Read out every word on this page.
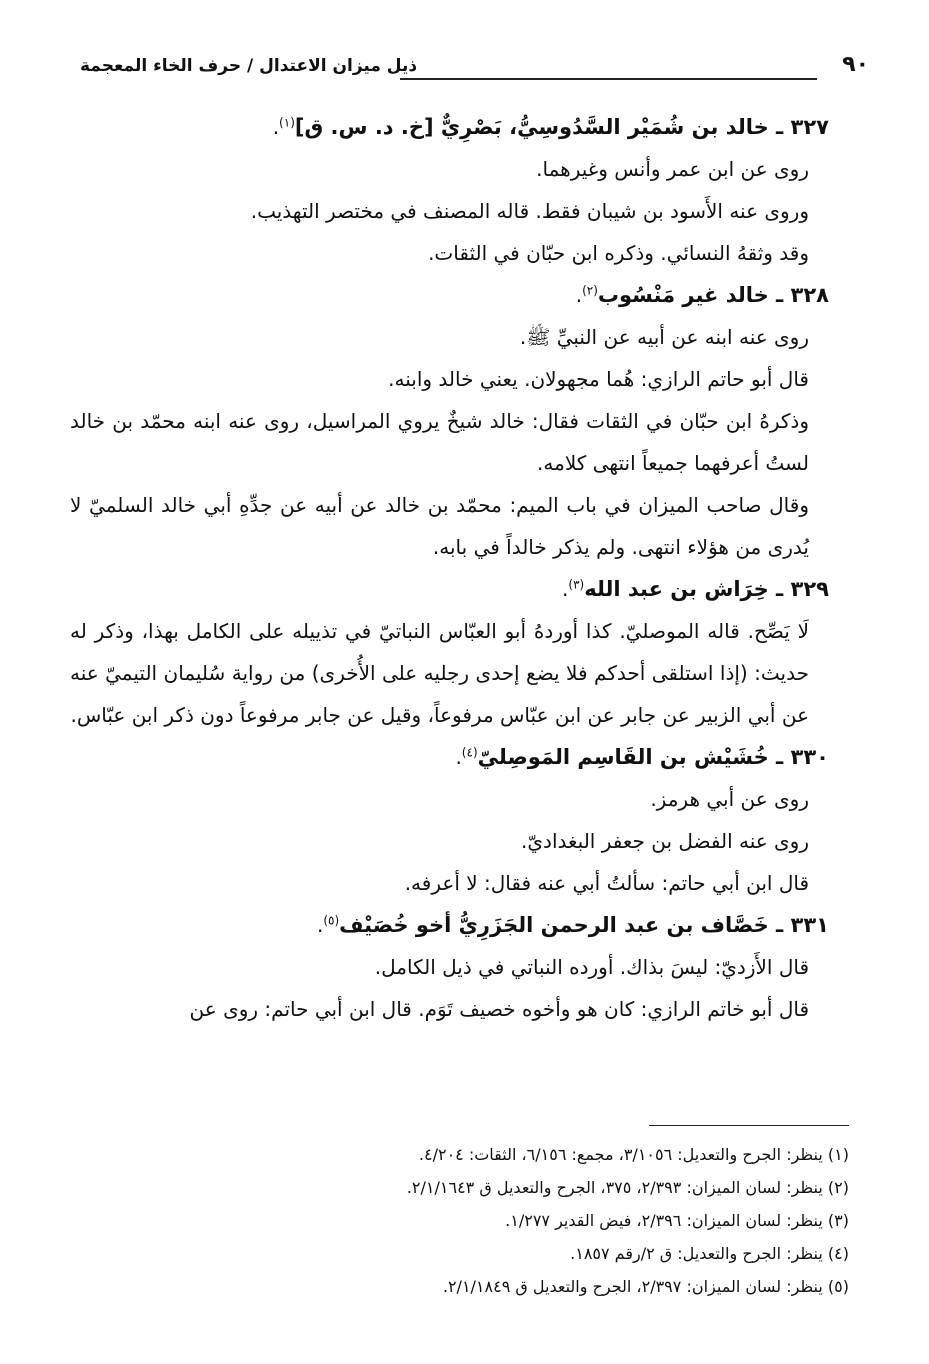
٩٠
ذيل ميزان الاعتدال / حرف الخاء المعجمة
٣٢٧ ـ خالد بن شُمَيْر السَّدُوسِيُّ، بَصْرِيٌّ [خ. د. س. ق]$^{(١)}$.
روى عن ابن عمر وأنس وغيرهما.
وروى عنه الأَسود بن شيبان فقط. قاله المصنف في مختصر التهذيب.
وقد وثقهُ النسائي. وذكره ابن حبّان في الثقات.
٣٢٨ ـ خالد غير مَنْسُوب$^{(٢)}$.
روى عنه ابنه عن أبيه عن النبيِّ ﷺ.
قال أبو حاتم الرازي: هُما مجهولان. يعني خالد وابنه.
وذكرهُ ابن حبّان في الثقات فقال: خالد شيخٌ يروي المراسيل، روى عنه ابنه محمّد بن خالد لستُ أعرفهما جميعاً انتهى كلامه.
وقال صاحب الميزان في باب الميم: محمّد بن خالد عن أبيه عن جدِّهِ أبي خالد السلميّ لا يُدرى من هؤلاء انتهى. ولم يذكر خالداً في بابه.
٣٢٩ ـ خِرَاش بن عبد الله$^{(٣)}$.
لَا يَصِّح. قاله الموصليّ. كذا أوردهُ أبو العبّاس النباتيّ في تذييله على الكامل بهذا، وذكر له حديث: (إذا استلقى أحدكم فلا يضع إحدى رجليه على الأُخرى) من رواية سُليمان التيميّ عنه عن أبي الزبير عن جابر عن ابن عبّاس مرفوعاً، وقيل عن جابر مرفوعاً دون ذكر ابن عبّاس.
٣٣٠ ـ خُشَيْش بن القَاسِم المَوصِليّ$^{(٤)}$.
روى عن أبي هرمز.
روى عنه الفضل بن جعفر البغداديّ.
قال ابن أبي حاتم: سألتُ أبي عنه فقال: لا أعرفه.
٣٣١ ـ خَصَّاف بن عبد الرحمن الجَزَرِيُّ أخو خُصَيْف$^{(٥)}$.
قال الأَزديّ: ليسَ بذاك. أورده النباتي في ذيل الكامل.
قال أبو خاتم الرازي: كان هو وأخوه خصيف تَوَم. قال ابن أبي حاتم: روى عن
(١) ينظر: الجرح والتعديل: ٣/١٠٥٦، مجمع: ٦/١٥٦، الثقات: ٤/٢٠٤.
(٢) ينظر: لسان الميزان: ٢/٣٩٣، ٣٧٥، الجرح والتعديل ق ٢/١/١٦٤٣.
(٣) ينظر: لسان الميزان: ٢/٣٩٦، فيض القدير ١/٢٧٧.
(٤) ينظر: الجرح والتعديل: ق ٢/رقم ١٨٥٧.
(٥) ينظر: لسان الميزان: ٢/٣٩٧، الجرح والتعديل ق ٢/١/١٨٤٩.
